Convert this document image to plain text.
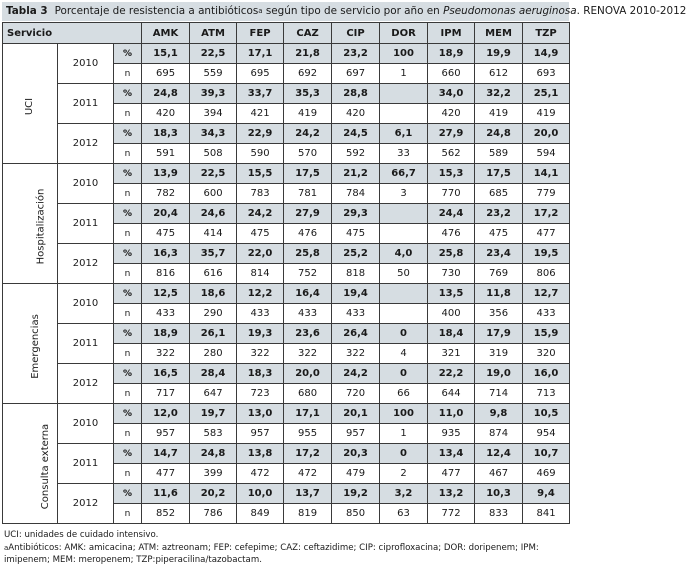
Tabla 3 Porcentaje de resistencia a antibióticos$^a$ según tipo de servicio por año en Pseudomonas aeruginosa. RENOVA 2010-2012
Servicio			AMK	ATM	FEP	CAZ	CIP	DOR	IPM	MEM	TZP
UCI	2010	%	15,1	22,5	17,1	21,8	23,2	100	18,9	19,9	14,9
		n	695	559	695	692	697	1	660	612	693
	2011	%	24,8	39,3	33,7	35,3	28,8		34,0	32,2	25,1
		n	420	394	421	419	420		420	419	419
	2012	%	18,3	34,3	22,9	24,2	24,5	6,1	27,9	24,8	20,0
		n	591	508	590	570	592	33	562	589	594
Hospitalización	2010	%	13,9	22,5	15,5	17,5	21,2	66,7	15,3	17,5	14,1
		n	782	600	783	781	784	3	770	685	779
	2011	%	20,4	24,6	24,2	27,9	29,3		24,4	23,2	17,2
		n	475	414	475	476	475		476	475	477
	2012	%	16,3	35,7	22,0	25,8	25,2	4,0	25,8	23,4	19,5
		n	816	616	814	752	818	50	730	769	806
Emergencias	2010	%	12,5	18,6	12,2	16,4	19,4		13,5	11,8	12,7
		n	433	290	433	433	433		400	356	433
	2011	%	18,9	26,1	19,3	23,6	26,4	0	18,4	17,9	15,9
		n	322	280	322	322	322	4	321	319	320
	2012	%	16,5	28,4	18,3	20,0	24,2	0	22,2	19,0	16,0
		n	717	647	723	680	720	66	644	714	713
Consulta externa	2010	%	12,0	19,7	13,0	17,1	20,1	100	11,0	9,8	10,5
		n	957	583	957	955	957	1	935	874	954
	2011	%	14,7	24,8	13,8	17,2	20,3	0	13,4	12,4	10,7
		n	477	399	472	472	479	2	477	467	469
	2012	%	11,6	20,2	10,0	13,7	19,2	3,2	13,2	10,3	9,4
		n	852	786	849	819	850	63	772	833	841
UCI: unidades de cuidado intensivo.
$^a$Antibióticos: AMK: amicacina; ATM: aztreonam; FEP: cefepime; CAZ: ceftazidime; CIP: ciprofloxacina; DOR: doripenem; IPM: imipenem; MEM: meropenem; TZP:piperacilina/tazobactam.
